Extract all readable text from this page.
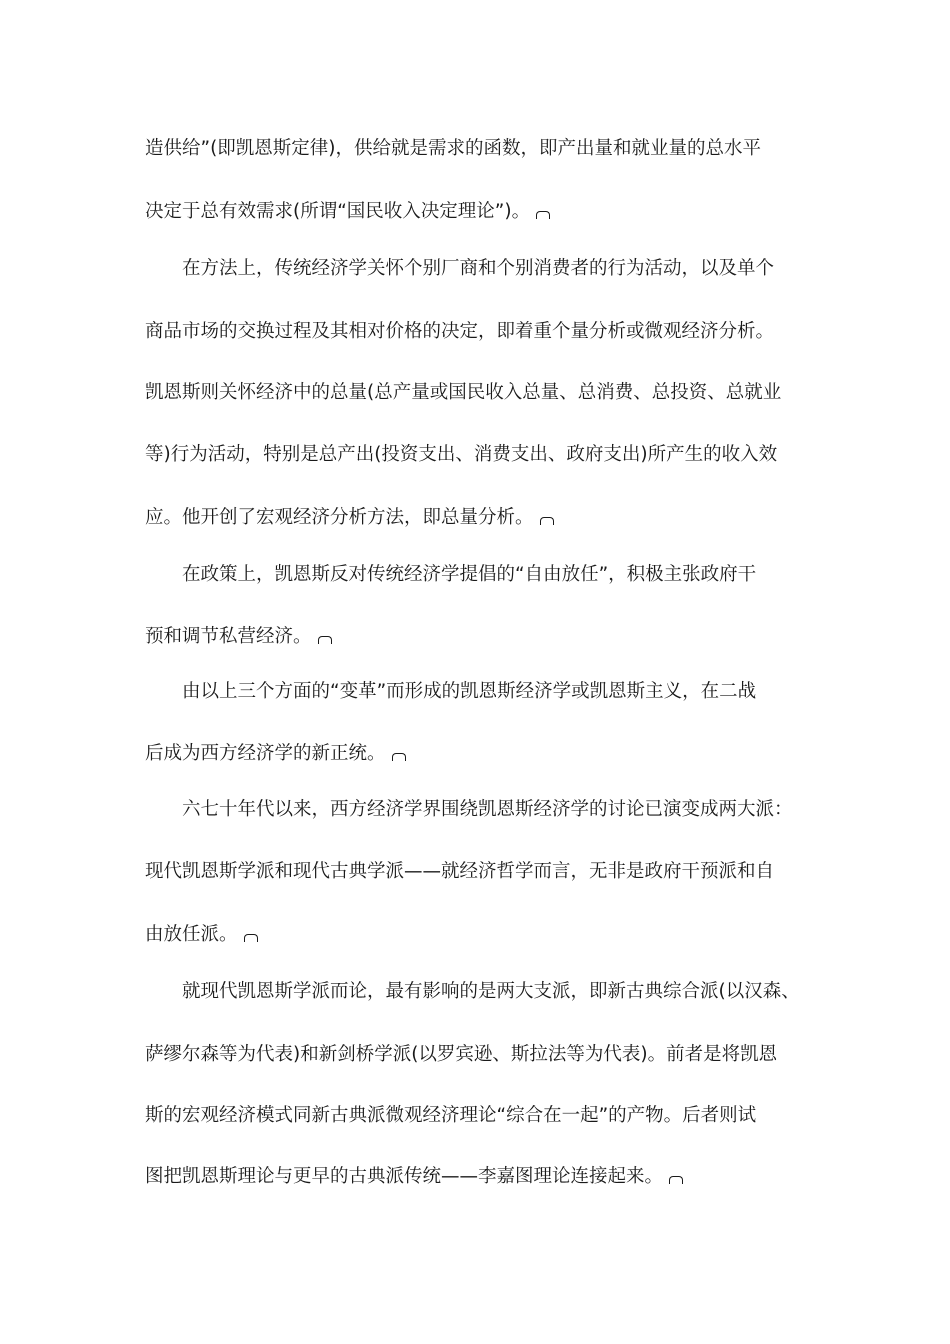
造供给”(即凯恩斯定律)，供给就是需求的函数，即产出量和就业量的总水平
决定于总有效需求(所谓“国民收入决定理论”)。
在方法上，传统经济学关怀个别厂商和个别消费者的行为活动，以及单个
商品市场的交换过程及其相对价格的决定，即着重个量分析或微观经济分析。
凯恩斯则关怀经济中的总量(总产量或国民收入总量、总消费、总投资、总就业
等)行为活动，特别是总产出(投资支出、消费支出、政府支出)所产生的收入效
应。他开创了宏观经济分析方法，即总量分析。
在政策上，凯恩斯反对传统经济学提倡的“自由放任”，积极主张政府干
预和调节私营经济。
由以上三个方面的“变革”而形成的凯恩斯经济学或凯恩斯主义，在二战
后成为西方经济学的新正统。
六七十年代以来，西方经济学界围绕凯恩斯经济学的讨论已演变成两大派：
现代凯恩斯学派和现代古典学派——就经济哲学而言，无非是政府干预派和自
由放任派。
就现代凯恩斯学派而论，最有影响的是两大支派，即新古典综合派(以汉森、
萨缪尔森等为代表)和新剑桥学派(以罗宾逊、斯拉法等为代表)。前者是将凯恩
斯的宏观经济模式同新古典派微观经济理论“综合在一起”的产物。后者则试
图把凯恩斯理论与更早的古典派传统——李嘉图理论连接起来。
